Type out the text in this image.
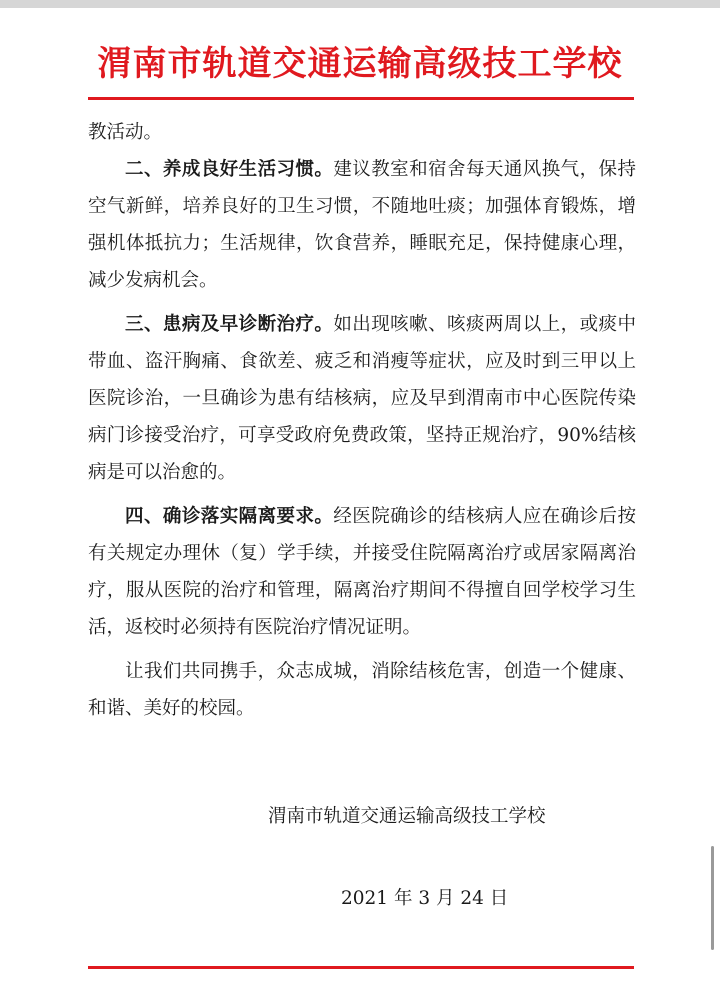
渭南市轨道交通运输高级技工学校

教活动。

二、养成良好生活习惯。建议教室和宿舍每天通风换气，保持空气新鲜，培养良好的卫生习惯，不随地吐痰；加强体育锻炼，增强机体抵抗力；生活规律，饮食营养，睡眠充足，保持健康心理，减少发病机会。

三、患病及早诊断治疗。如出现咳嗽、咳痰两周以上，或痰中带血、盗汗胸痛、食欲差、疲乏和消瘦等症状，应及时到三甲以上医院诊治，一旦确诊为患有结核病，应及早到渭南市中心医院传染病门诊接受治疗，可享受政府免费政策，坚持正规治疗，90%结核病是可以治愈的。

四、确诊落实隔离要求。经医院确诊的结核病人应在确诊后按有关规定办理休（复）学手续，并接受住院隔离治疗或居家隔离治疗，服从医院的治疗和管理，隔离治疗期间不得擅自回学校学习生活，返校时必须持有医院治疗情况证明。

让我们共同携手，众志成城，消除结核危害，创造一个健康、和谐、美好的校园。

渭南市轨道交通运输高级技工学校
2021 年 3 月 24 日
